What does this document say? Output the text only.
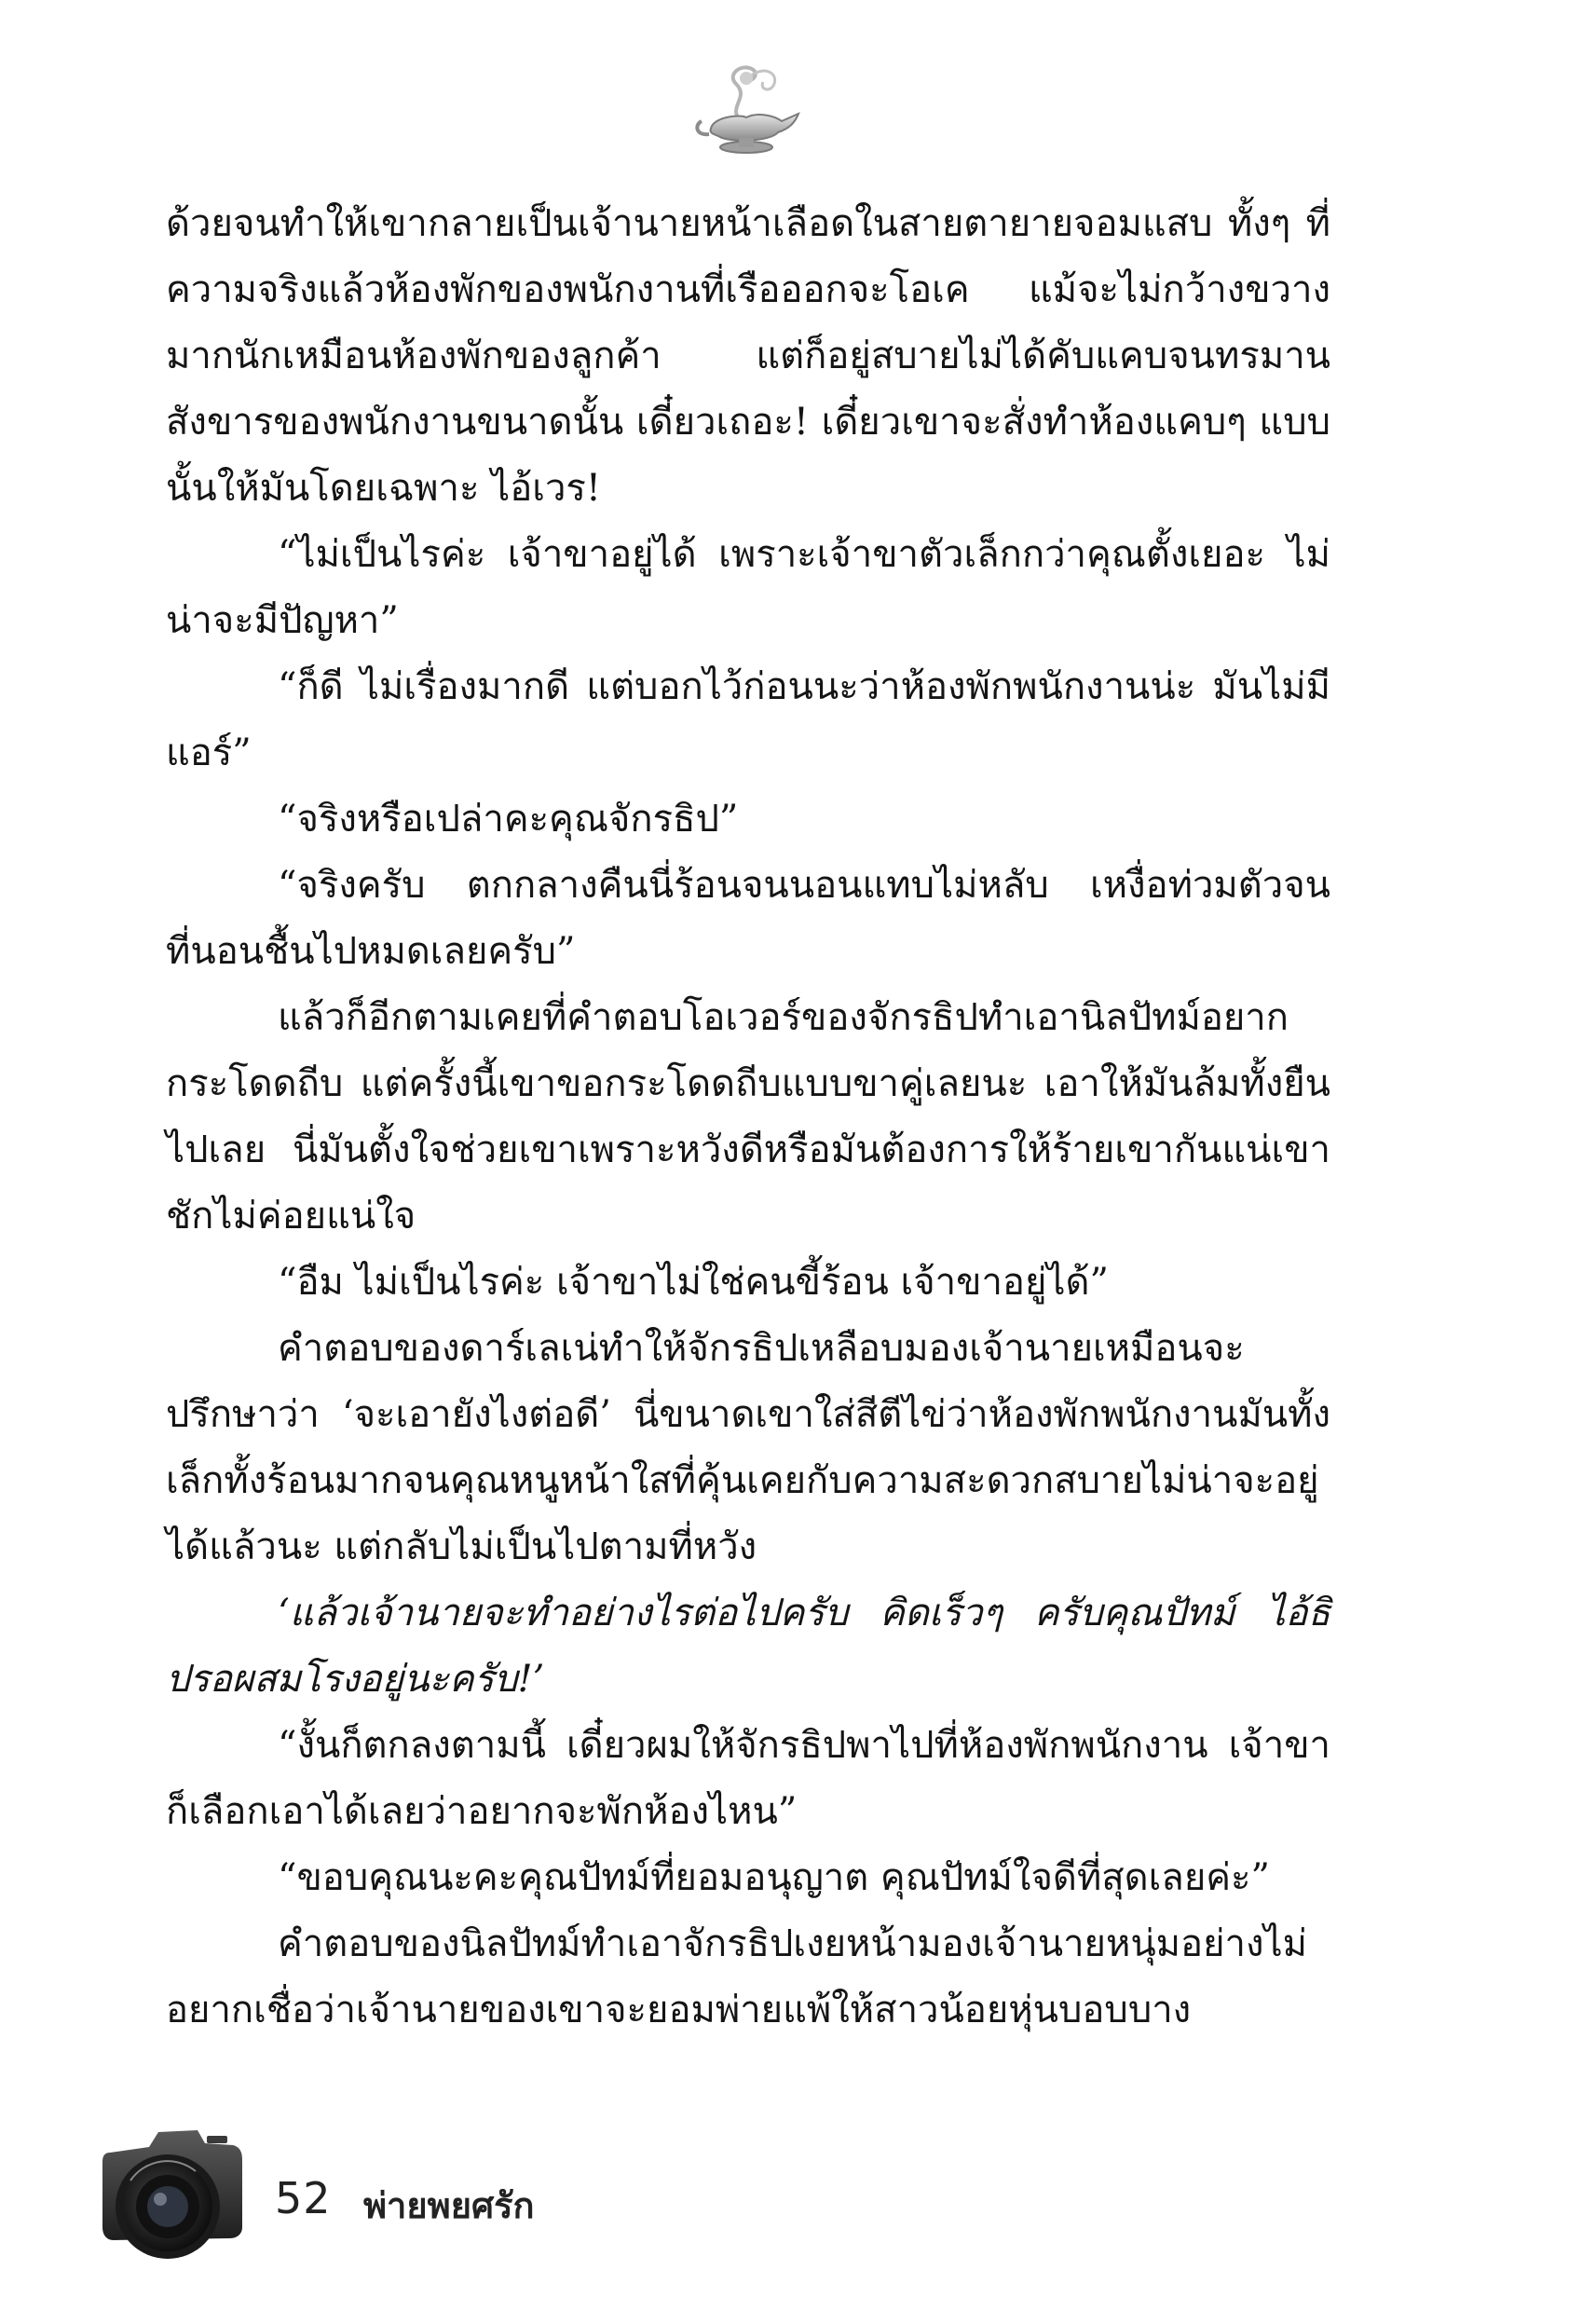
ด้วยจนทำให้เขากลายเป็นเจ้านายหน้าเลือดในสายตายายจอมแสบ ทั้งๆ ที่ความจริงแล้วห้องพักของพนักงานที่เรือออกจะโอเค แม้จะไม่กว้างขวางมากนักเหมือนห้องพักของลูกค้า แต่ก็อยู่สบายไม่ได้คับแคบจนทรมานสังขารของพนักงานขนาดนั้น เดี๋ยวเถอะ! เดี๋ยวเขาจะสั่งทำห้องแคบๆ แบบนั้นให้มันโดยเฉพาะ ไอ้เวร!

“ไม่เป็นไรค่ะ เจ้าขาอยู่ได้ เพราะเจ้าขาตัวเล็กกว่าคุณตั้งเยอะ ไม่น่าจะมีปัญหา”

“ก็ดี ไม่เรื่องมากดี แต่บอกไว้ก่อนนะว่าห้องพักพนักงานน่ะ มันไม่มีแอร์”

“จริงหรือเปล่าคะคุณจักรธิป”

“จริงครับ ตกกลางคืนนี่ร้อนจนนอนแทบไม่หลับ เหงื่อท่วมตัวจนที่นอนชื้นไปหมดเลยครับ”

แล้วก็อีกตามเคยที่คำตอบโอเวอร์ของจักรธิปทำเอานิลปัทม์อยากกระโดดถีบ แต่ครั้งนี้เขาขอกระโดดถีบแบบขาคู่เลยนะ เอาให้มันล้มทั้งยืนไปเลย นี่มันตั้งใจช่วยเขาเพราะหวังดีหรือมันต้องการให้ร้ายเขากันแน่เขาชักไม่ค่อยแน่ใจ

“อืม ไม่เป็นไรค่ะ เจ้าขาไม่ใช่คนขี้ร้อน เจ้าขาอยู่ได้”

คำตอบของดาร์เลเน่ทำให้จักรธิปเหลือบมองเจ้านายเหมือนจะปรึกษาว่า ‘จะเอายังไงต่อดี’ นี่ขนาดเขาใส่สีตีไข่ว่าห้องพักพนักงานมันทั้งเล็กทั้งร้อนมากจนคุณหนูหน้าใสที่คุ้นเคยกับความสะดวกสบายไม่น่าจะอยู่ได้แล้วนะ แต่กลับไม่เป็นไปตามที่หวัง

‘แล้วเจ้านายจะทำอย่างไรต่อไปครับ คิดเร็วๆ ครับคุณปัทม์ ไอ้ธิปรอผสมโรงอยู่นะครับ!’

“งั้นก็ตกลงตามนี้ เดี๋ยวผมให้จักรธิปพาไปที่ห้องพักพนักงาน เจ้าขาก็เลือกเอาได้เลยว่าอยากจะพักห้องไหน”

“ขอบคุณนะคะคุณปัทม์ที่ยอมอนุญาต คุณปัทม์ใจดีที่สุดเลยค่ะ”

คำตอบของนิลปัทม์ทำเอาจักรธิปเงยหน้ามองเจ้านายหนุ่มอย่างไม่อยากเชื่อว่าเจ้านายของเขาจะยอมพ่ายแพ้ให้สาวน้อยหุ่นบอบบาง

52 พ่ายพยศรัก
